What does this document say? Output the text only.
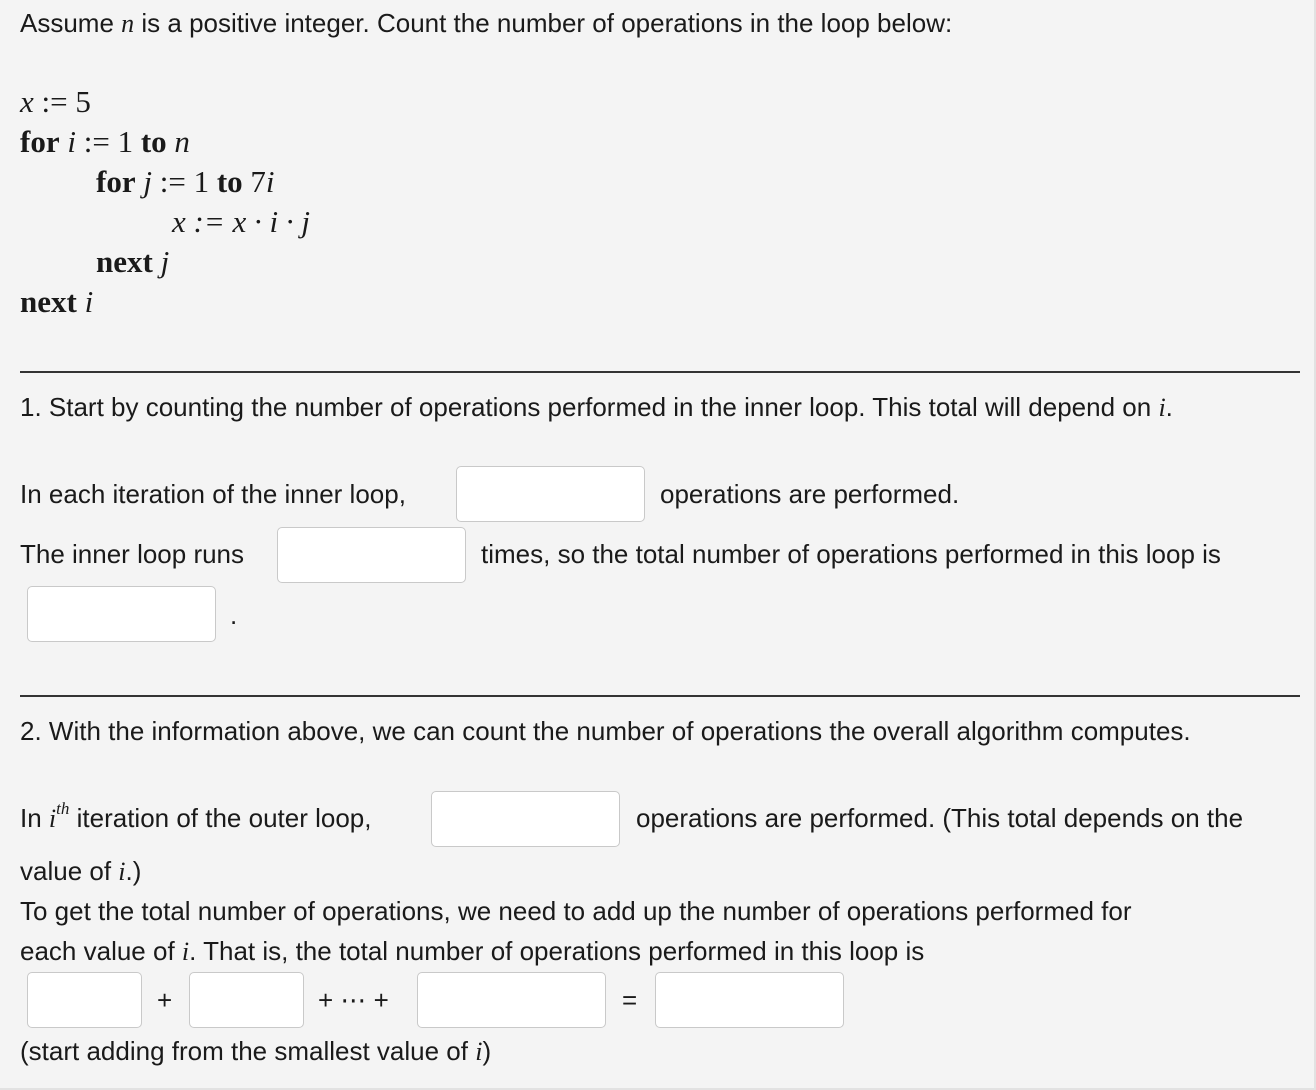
Assume n is a positive integer. Count the number of operations in the loop below:
x := 5
for i := 1 to n
for j := 1 to 7i
x := x · i · j
next j
next i
1. Start by counting the number of operations performed in the inner loop. This total will depend on i.
In each iteration of the inner loop,	operations are performed.
The inner loop runs	times, so the total number of operations performed in this loop is
.
2. With the information above, we can count the number of operations the overall algorithm computes.
In $i^{th}$ iteration of the outer loop,	operations are performed. (This total depends on the
value of i.)
To get the total number of operations, we need to add up the number of operations performed for
each value of i. That is, the total number of operations performed in this loop is
+	+ ⋯ +	=
(start adding from the smallest value of i)
